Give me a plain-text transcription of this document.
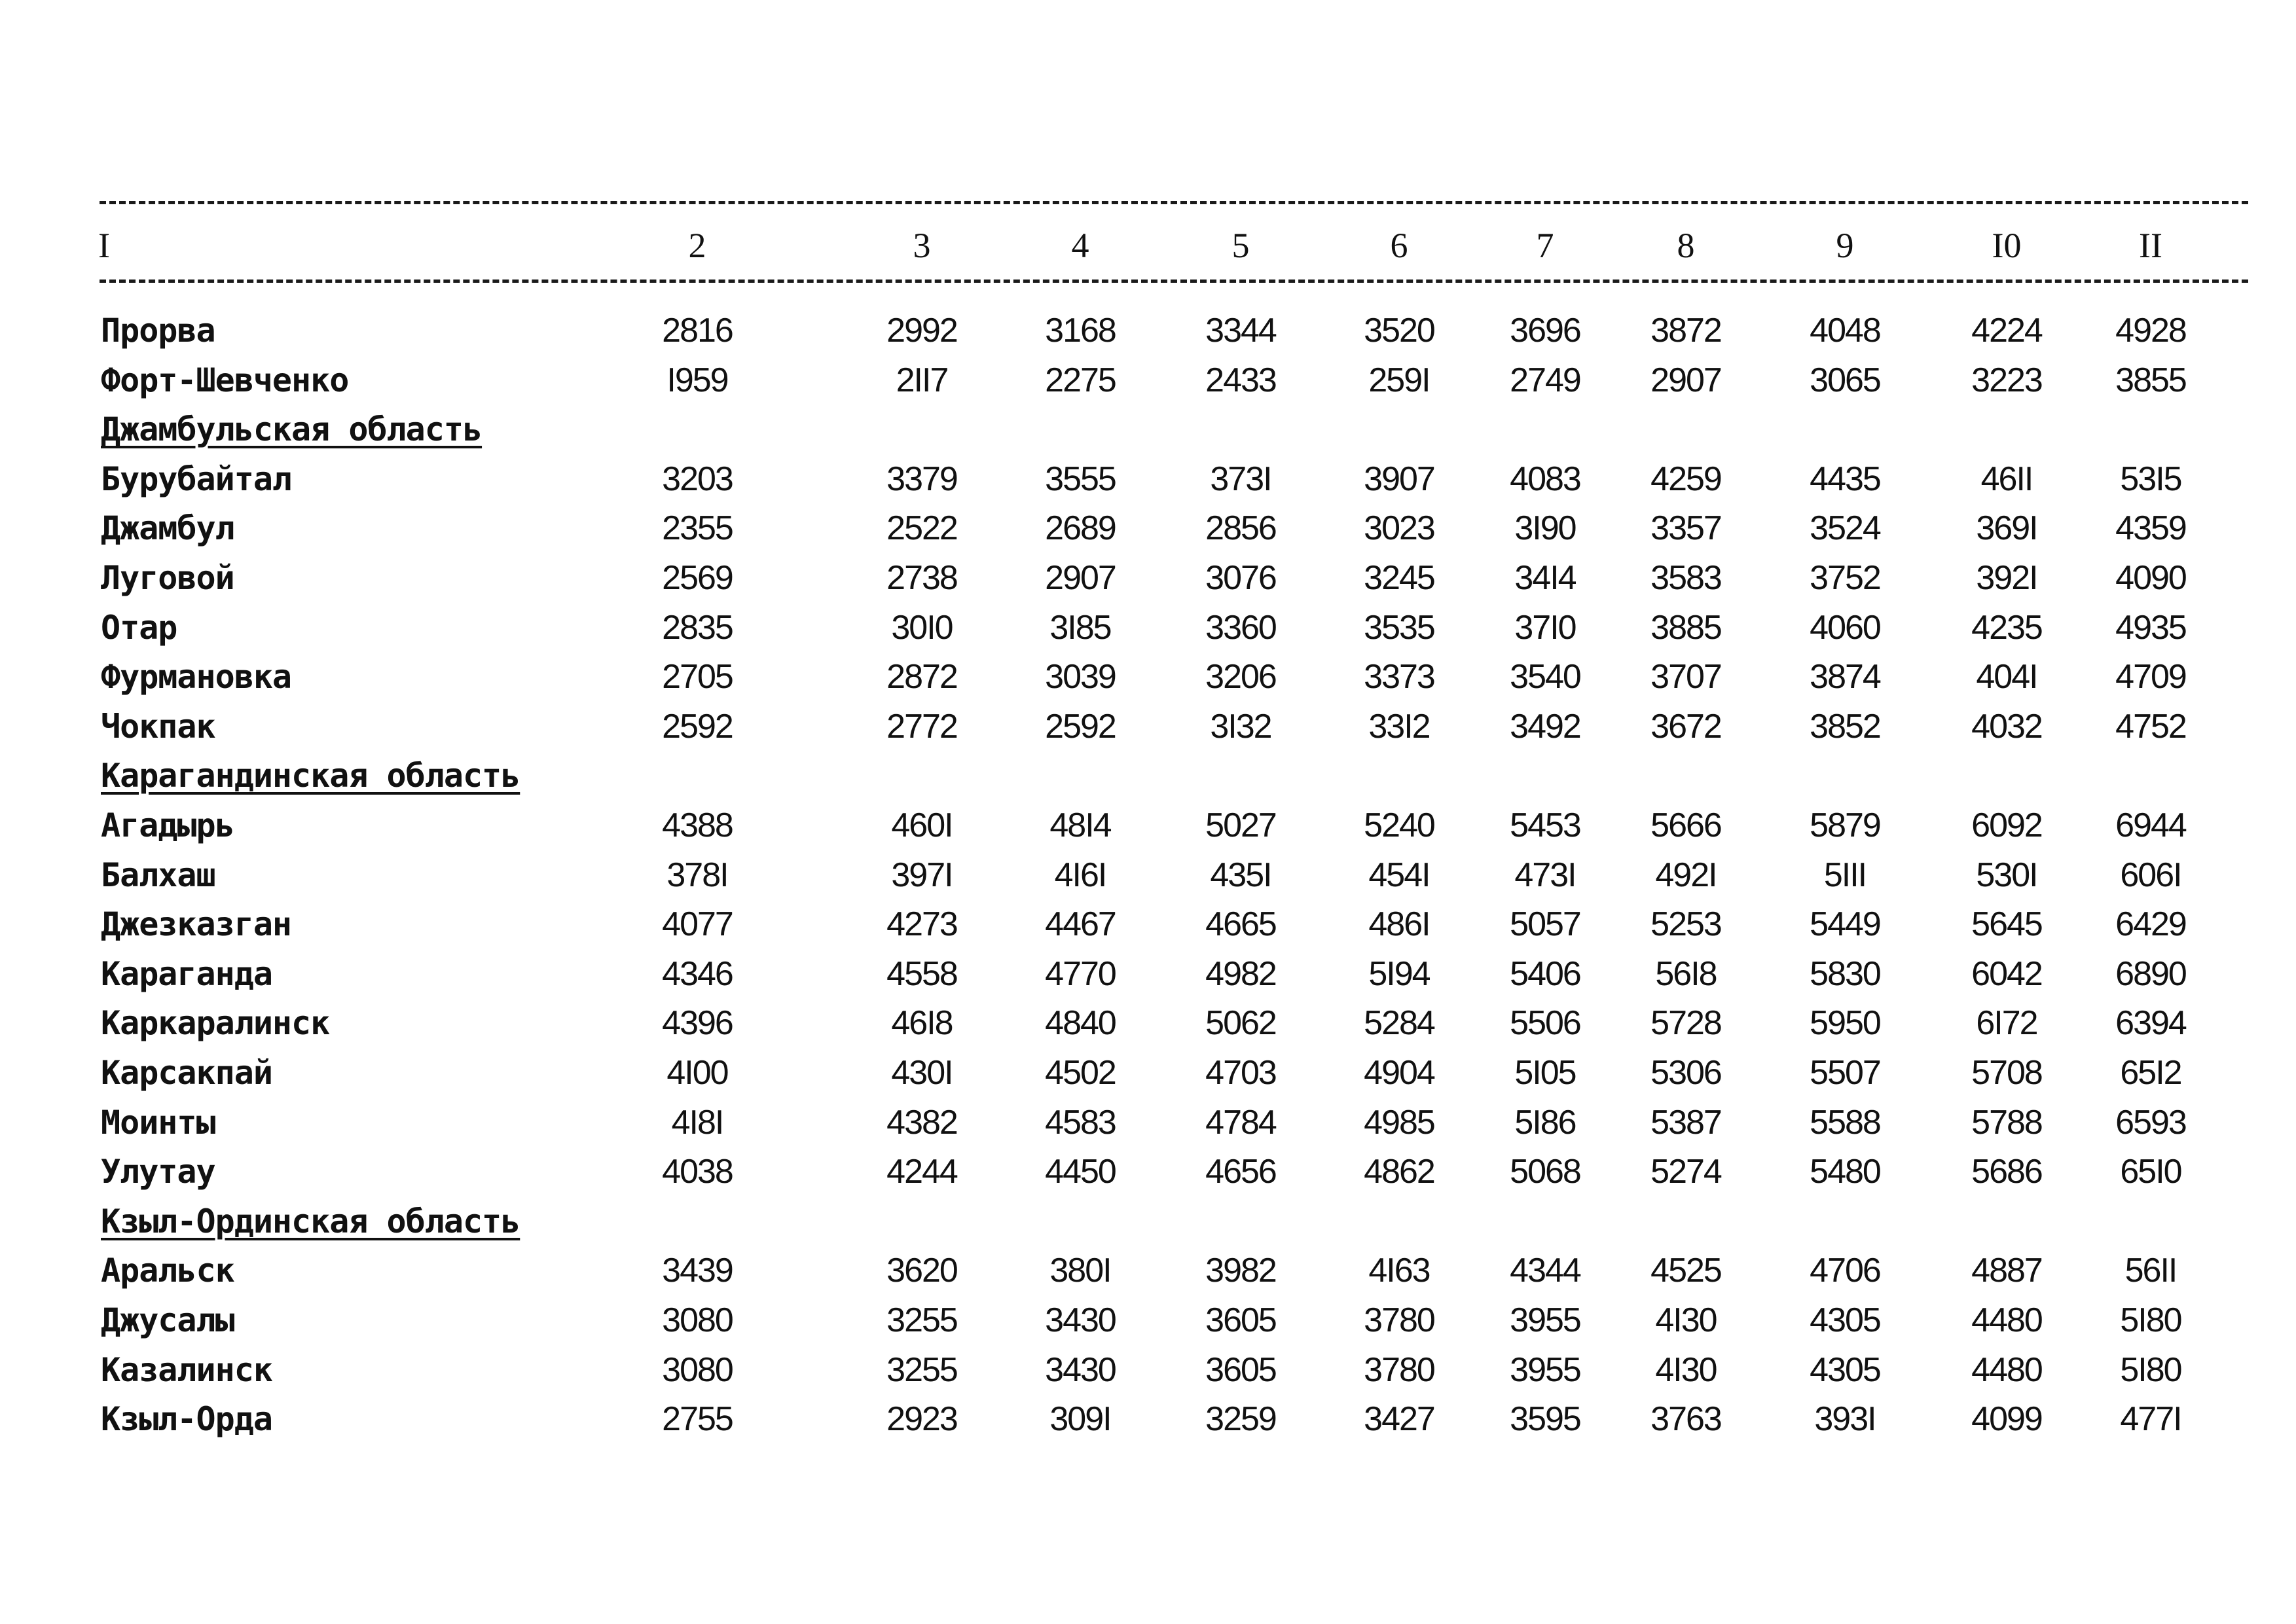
I	2	3	4	5	6	7	8	9	I0	II
Прорва	2816	2992	3168	3344	3520	3696	3872	4048	4224	4928
Форт-Шевченко	I959	2II7	2275	2433	259I	2749	2907	3065	3223	3855
Джамбульская область
Бурубайтал	3203	3379	3555	373I	3907	4083	4259	4435	46II	53I5
Джамбул	2355	2522	2689	2856	3023	3I90	3357	3524	369I	4359
Луговой	2569	2738	2907	3076	3245	34I4	3583	3752	392I	4090
Отар	2835	30I0	3I85	3360	3535	37I0	3885	4060	4235	4935
Фурмановка	2705	2872	3039	3206	3373	3540	3707	3874	404I	4709
Чокпак	2592	2772	2592	3I32	33I2	3492	3672	3852	4032	4752
Карагандинская область
Агадырь	4388	460I	48I4	5027	5240	5453	5666	5879	6092	6944
Балхаш	378I	397I	4I6I	435I	454I	473I	492I	5III	530I	606I
Джезказган	4077	4273	4467	4665	486I	5057	5253	5449	5645	6429
Караганда	4346	4558	4770	4982	5I94	5406	56I8	5830	6042	6890
Каркаралинск	4396	46I8	4840	5062	5284	5506	5728	5950	6I72	6394
Карсакпай	4I00	430I	4502	4703	4904	5I05	5306	5507	5708	65I2
Моинты	4I8I	4382	4583	4784	4985	5I86	5387	5588	5788	6593
Улутау	4038	4244	4450	4656	4862	5068	5274	5480	5686	65I0
Кзыл-Ординская область
Аральск	3439	3620	380I	3982	4I63	4344	4525	4706	4887	56II
Джусалы	3080	3255	3430	3605	3780	3955	4I30	4305	4480	5I80
Казалинск	3080	3255	3430	3605	3780	3955	4I30	4305	4480	5I80
Кзыл-Орда	2755	2923	309I	3259	3427	3595	3763	393I	4099	477I
